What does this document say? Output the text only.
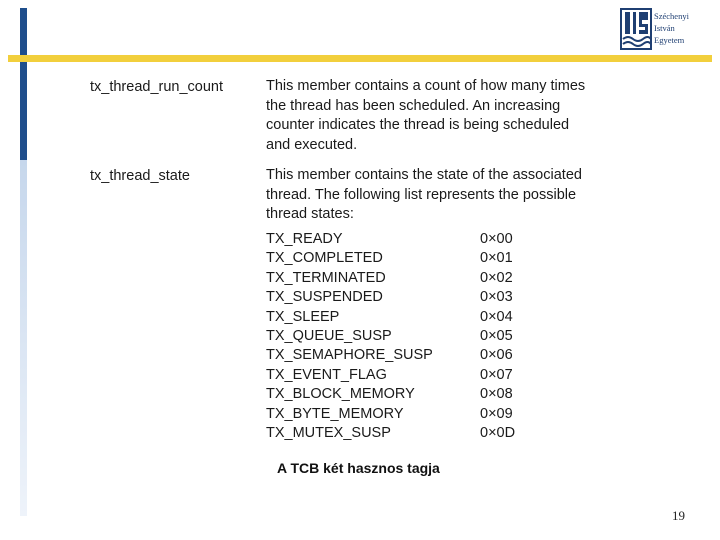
Széchenyi
István
Egyetem
tx_thread_run_count	This member contains a count of how many times
the thread has been scheduled. An increasing
counter indicates the thread is being scheduled
and executed.
tx_thread_state	This member contains the state of the associated
thread. The following list represents the possible
thread states:
TX_READY	0×00
TX_COMPLETED	0×01
TX_TERMINATED	0×02
TX_SUSPENDED	0×03
TX_SLEEP	0×04
TX_QUEUE_SUSP	0×05
TX_SEMAPHORE_SUSP	0×06
TX_EVENT_FLAG	0×07
TX_BLOCK_MEMORY	0×08
TX_BYTE_MEMORY	0×09
TX_MUTEX_SUSP	0×0D
A TCB két hasznos tagja
19
